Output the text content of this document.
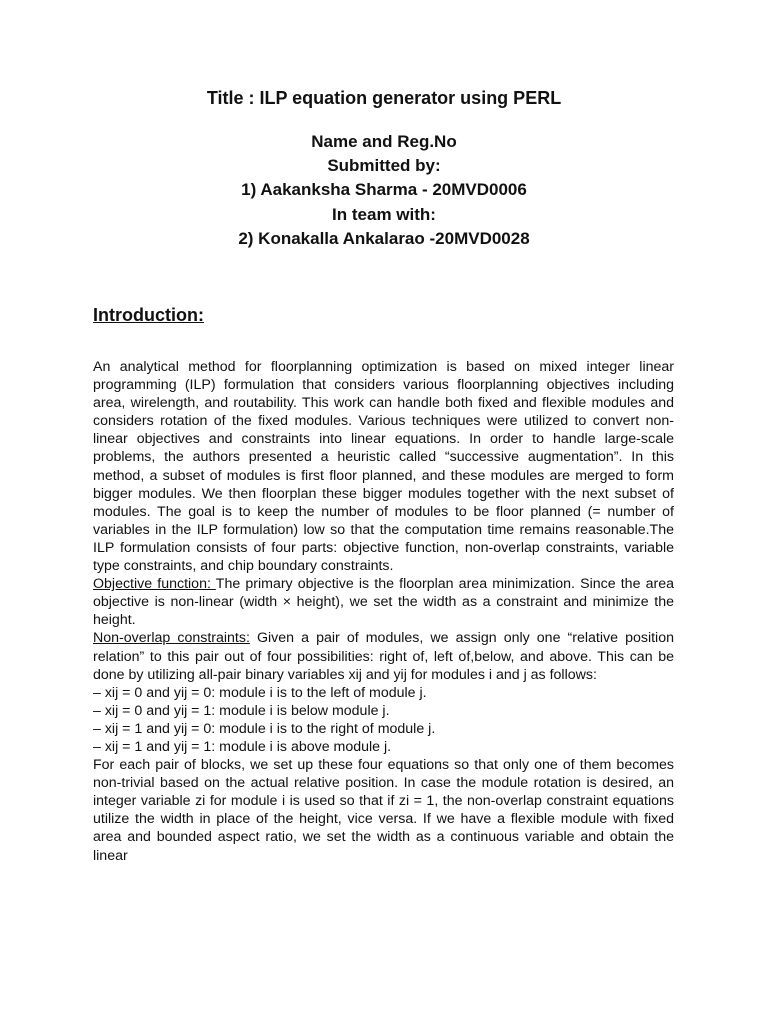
Title : ILP equation generator using PERL
Name and Reg.No
Submitted by:
1) Aakanksha Sharma - 20MVD0006
In team with:
2) Konakalla Ankalarao -20MVD0028
Introduction:

An analytical method for floorplanning optimization is based on mixed integer linear programming (ILP) formulation that considers various floorplanning objectives including area, wirelength, and routability. This work can handle both fixed and flexible modules and considers rotation of the fixed modules. Various techniques were utilized to convert non-linear objectives and constraints into linear equations. In order to handle large-scale problems, the authors presented a heuristic called “successive augmentation”. In this method, a subset of modules is first floor planned, and these modules are merged to form bigger modules. We then floorplan these bigger modules together with the next subset of modules. The goal is to keep the number of modules to be floor planned (= number of variables in the ILP formulation) low so that the computation time remains reasonable.The ILP formulation consists of four parts: objective function, non-overlap constraints, variable type constraints, and chip boundary constraints.

Objective function: The primary objective is the floorplan area minimization. Since the area objective is non-linear (width × height), we set the width as a constraint and minimize the height.

Non-overlap constraints: Given a pair of modules, we assign only one “relative position relation” to this pair out of four possibilities: right of, left of,below, and above. This can be done by utilizing all-pair binary variables xij and yij for modules i and j as follows:

– xij = 0 and yij = 0: module i is to the left of module j.
– xij = 0 and yij = 1: module i is below module j.
– xij = 1 and yij = 0: module i is to the right of module j.
– xij = 1 and yij = 1: module i is above module j.

For each pair of blocks, we set up these four equations so that only one of them becomes non-trivial based on the actual relative position. In case the module rotation is desired, an integer variable zi for module i is used so that if zi = 1, the non-overlap constraint equations utilize the width in place of the height, vice versa. If we have a flexible module with fixed area and bounded aspect ratio, we set the width as a continuous variable and obtain the linear
